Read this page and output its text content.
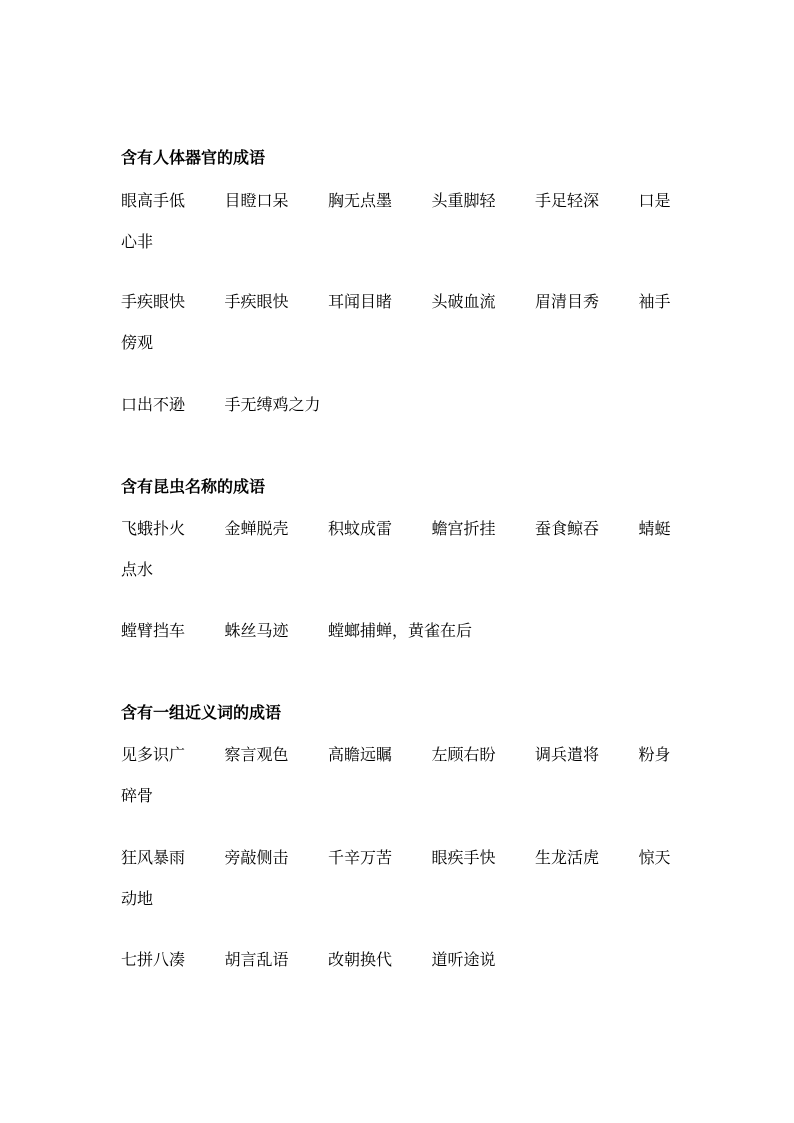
含有人体器官的成语
眼高手低 目瞪口呆 胸无点墨 头重脚轻 手足轻深 口是
心非
手疾眼快 手疾眼快 耳闻目睹 头破血流 眉清目秀 袖手
傍观
口出不逊 手无缚鸡之力
含有昆虫名称的成语
飞蛾扑火 金蝉脱壳 积蚊成雷 蟾宫折挂 蚕食鲸吞 蜻蜓
点水
螳臂挡车 蛛丝马迹 螳螂捕蝉，黄雀在后
含有一组近义词的成语
见多识广 察言观色 高瞻远瞩 左顾右盼 调兵遣将 粉身
碎骨
狂风暴雨 旁敲侧击 千辛万苦 眼疾手快 生龙活虎 惊天
动地
七拼八凑 胡言乱语 改朝换代 道听途说
